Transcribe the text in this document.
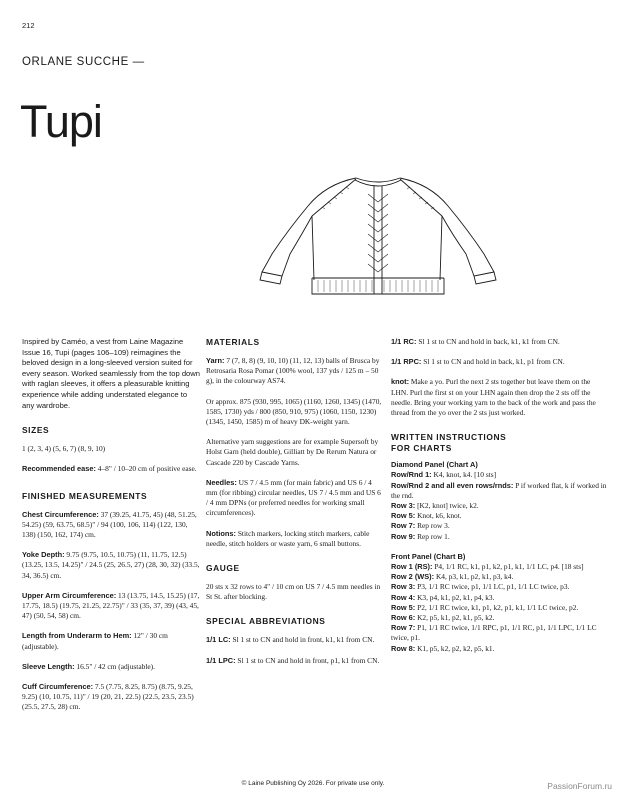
212
ORLANE SUCCHE —
Tupi

Inspired by Caméo, a vest from Laine Magazine Issue 16, Tupi (pages 106–109) reimagines the beloved design in a long-sleeved version suited for every season. Worked seamlessly from the top down with raglan sleeves, it offers a pleasurable knitting experience while adding understated elegance to any wardrobe.

SIZES

1 (2, 3, 4) (5, 6, 7) (8, 9, 10)

Recommended ease: 4–8" / 10–20 cm of positive ease.

FINISHED MEASUREMENTS

Chest Circumference: 37 (39.25, 41.75, 45) (48, 51.25, 54.25) (59, 63.75, 68.5)" / 94 (100, 106, 114) (122, 130, 138) (150, 162, 174) cm.

Yoke Depth: 9.75 (9.75, 10.5, 10.75) (11, 11.75, 12.5) (13.25, 13.5, 14.25)" / 24.5 (25, 26.5, 27) (28, 30, 32) (33.5, 34, 36.5) cm.

Upper Arm Circumference: 13 (13.75, 14.5, 15.25) (17, 17.75, 18.5) (19.75, 21.25, 22.75)" / 33 (35, 37, 39) (43, 45, 47) (50, 54, 58) cm.

Length from Underarm to Hem: 12" / 30 cm (adjustable).

Sleeve Length: 16.5" / 42 cm (adjustable).

Cuff Circumference: 7.5 (7.75, 8.25, 8.75) (8.75, 9.25, 9.25) (10, 10.75, 11)" / 19 (20, 21, 22.5) (22.5, 23.5, 23.5) (25.5, 27.5, 28) cm.

MATERIALS

Yarn: 7 (7, 8, 8) (9, 10, 10) (11, 12, 13) balls of Brusca by Retrosaria Rosa Pomar (100% wool, 137 yds / 125 m – 50 g), in the colourway AS74.

Or approx. 875 (930, 995, 1065) (1160, 1260, 1345) (1470, 1585, 1730) yds / 800 (850, 910, 975) (1060, 1150, 1230) (1345, 1450, 1585) m of heavy DK-weight yarn.

Alternative yarn suggestions are for example Supersoft by Holst Garn (held double), Gilliatt by De Rerum Natura or Cascade 220 by Cascade Yarns.

Needles: US 7 / 4.5 mm (for main fabric) and US 6 / 4 mm (for ribbing) circular needles, US 7 / 4.5 mm and US 6 / 4 mm DPNs (or preferred needles for working small circumferences).

Notions: Stitch markers, locking stitch markers, cable needle, stitch holders or waste yarn, 6 small buttons.

GAUGE

20 sts x 32 rows to 4" / 10 cm on US 7 / 4.5 mm needles in St St. after blocking.

SPECIAL ABBREVIATIONS

1/1 LC: Sl 1 st to CN and hold in front, k1, k1 from CN.

1/1 LPC: Sl 1 st to CN and hold in front, p1, k1 from CN.

1/1 RC: Sl 1 st to CN and hold in back, k1, k1 from CN.

1/1 RPC: Sl 1 st to CN and hold in back, k1, p1 from CN.

knot: Make a yo. Purl the next 2 sts together but leave them on the LHN. Purl the first st on your LHN again then drop the 2 sts off the needle. Bring your working yarn to the back of the work and pass the thread from the yo over the 2 sts just worked.

WRITTEN INSTRUCTIONS
FOR CHARTS

Diamond Panel (Chart A)

Row/Rnd 1: K4, knot, k4. [10 sts]

Row/Rnd 2 and all even rows/rnds: P if worked flat, k if worked in the rnd.

Row 3: [K2, knot] twice, k2.

Row 5: Knot, k6, knot.

Row 7: Rep row 3.

Row 9: Rep row 1.

Front Panel (Chart B)

Row 1 (RS): P4, 1/1 RC, k1, p1, k2, p1, k1, 1/1 LC, p4. [18 sts]

Row 2 (WS): K4, p3, k1, p2, k1, p3, k4.

Row 3: P3, 1/1 RC twice, p1, 1/1 LC, p1, 1/1 LC twice, p3.

Row 4: K3, p4, k1, p2, k1, p4, k3.

Row 5: P2, 1/1 RC twice, k1, p1, k2, p1, k1, 1/1 LC twice, p2.

Row 6: K2, p5, k1, p2, k1, p5, k2.

Row 7: P1, 1/1 RC twice, 1/1 RPC, p1, 1/1 RC, p1, 1/1 LPC, 1/1 LC twice, p1.

Row 8: K1, p5, k2, p2, k2, p5, k1.

© Laine Publishing Oy 2026. For private use only.	PassionForum.ru
